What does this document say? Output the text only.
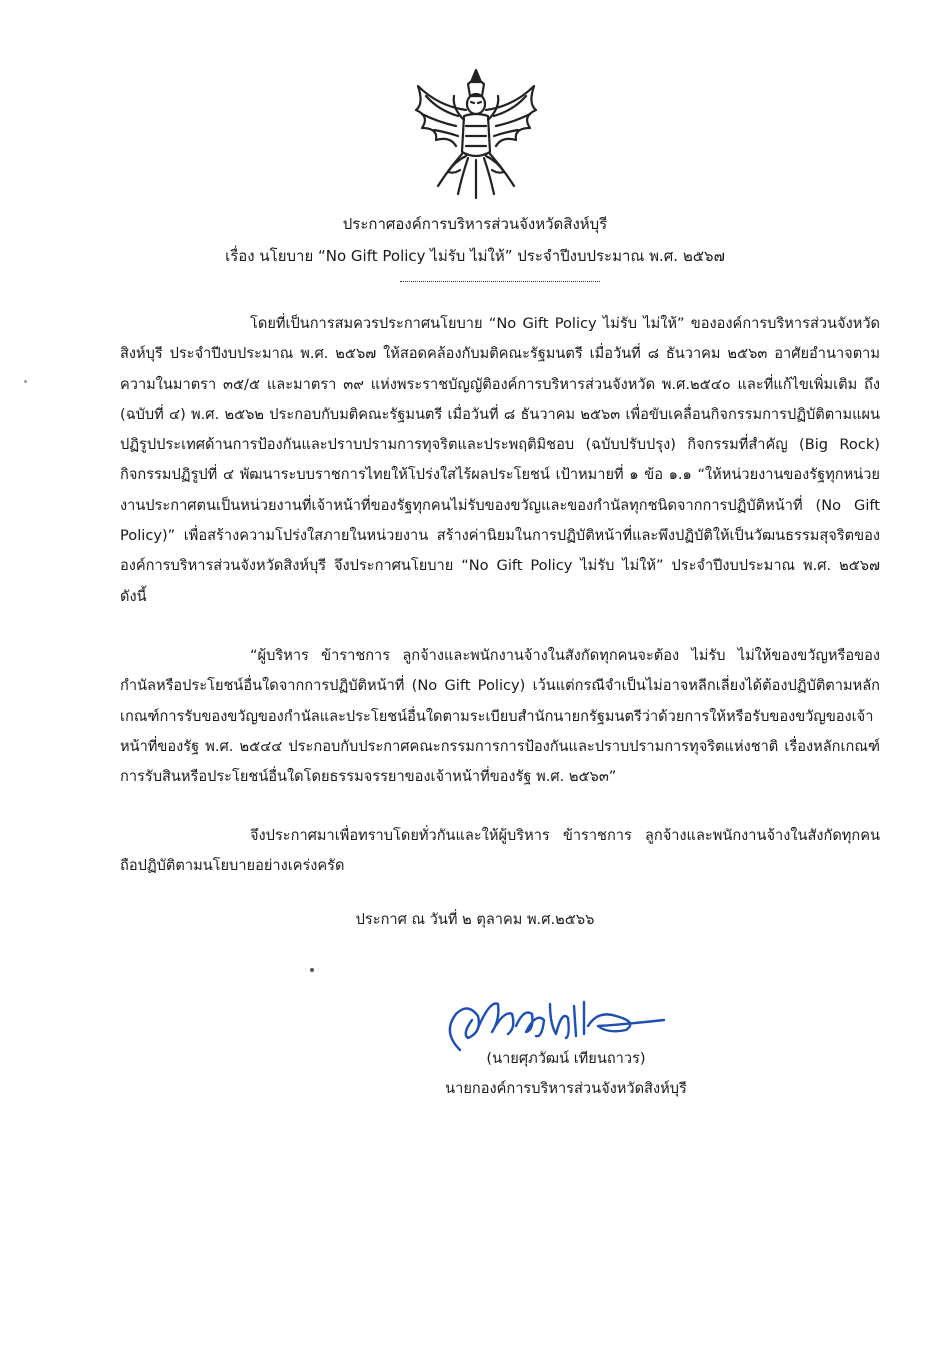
ประกาศองค์การบริหารส่วนจังหวัดสิงห์บุรี
เรื่อง นโยบาย “No Gift Policy ไม่รับ ไม่ให้” ประจำปีงบประมาณ พ.ศ. ๒๕๖๗

โดยที่เป็นการสมควรประกาศนโยบาย “No Gift Policy ไม่รับ ไม่ให้” ขององค์การบริหารส่วนจังหวัดสิงห์บุรี ประจำปีงบประมาณ พ.ศ. ๒๕๖๗ ให้สอดคล้องกับมติคณะรัฐมนตรี เมื่อวันที่ ๘ ธันวาคม ๒๕๖๓ อาศัยอำนาจตามความในมาตรา ๓๕/๕ และมาตรา ๓๙ แห่งพระราชบัญญัติองค์การบริหารส่วนจังหวัด พ.ศ.๒๕๔๐ และที่แก้ไขเพิ่มเติม ถึง (ฉบับที่ ๔) พ.ศ. ๒๕๖๒ ประกอบกับมติคณะรัฐมนตรี เมื่อวันที่ ๘ ธันวาคม ๒๕๖๓ เพื่อขับเคลื่อนกิจกรรมการปฏิบัติตามแผนปฏิรูปประเทศด้านการป้องกันและปราบปรามการทุจริตและประพฤติมิชอบ (ฉบับปรับปรุง) กิจกรรมที่สำคัญ (Big Rock) กิจกรรมปฏิรูปที่ ๔ พัฒนาระบบราชการไทยให้โปร่งใสไร้ผลประโยชน์ เป้าหมายที่ ๑ ข้อ ๑.๑ “ให้หน่วยงานของรัฐทุกหน่วยงานประกาศตนเป็นหน่วยงานที่เจ้าหน้าที่ของรัฐทุกคนไม่รับของขวัญและของกำนัลทุกชนิดจากการปฏิบัติหน้าที่ (No Gift Policy)” เพื่อสร้างความโปร่งใสภายในหน่วยงาน สร้างค่านิยมในการปฏิบัติหน้าที่และพึงปฏิบัติให้เป็นวัฒนธรรมสุจริตขององค์การบริหารส่วนจังหวัดสิงห์บุรี จึงประกาศนโยบาย “No Gift Policy ไม่รับ ไม่ให้” ประจำปีงบประมาณ พ.ศ. ๒๕๖๗ ดังนี้

“ผู้บริหาร ข้าราชการ ลูกจ้างและพนักงานจ้างในสังกัดทุกคนจะต้อง ไม่รับ ไม่ให้ของขวัญหรือของกำนัลหรือประโยชน์อื่นใดจากการปฏิบัติหน้าที่ (No Gift Policy) เว้นแต่กรณีจำเป็นไม่อาจหลีกเลี่ยงได้ต้องปฏิบัติตามหลักเกณฑ์การรับของขวัญของกำนัลและประโยชน์อื่นใดตามระเบียบสำนักนายกรัฐมนตรีว่าด้วยการให้หรือรับของขวัญของเจ้าหน้าที่ของรัฐ พ.ศ. ๒๕๔๔ ประกอบกับประกาศคณะกรรมการการป้องกันและปราบปรามการทุจริตแห่งชาติ เรื่องหลักเกณฑ์การรับสินหรือประโยชน์อื่นใดโดยธรรมจรรยาของเจ้าหน้าที่ของรัฐ พ.ศ. ๒๕๖๓”

จึงประกาศมาเพื่อทราบโดยทั่วกันและให้ผู้บริหาร ข้าราชการ ลูกจ้างและพนักงานจ้างในสังกัดทุกคนถือปฏิบัติตามนโยบายอย่างเคร่งครัด

ประกาศ ณ วันที่ ๒ ตุลาคม พ.ศ.๒๕๖๖
(นายศุภวัฒน์ เทียนถาวร)
นายกองค์การบริหารส่วนจังหวัดสิงห์บุรี
